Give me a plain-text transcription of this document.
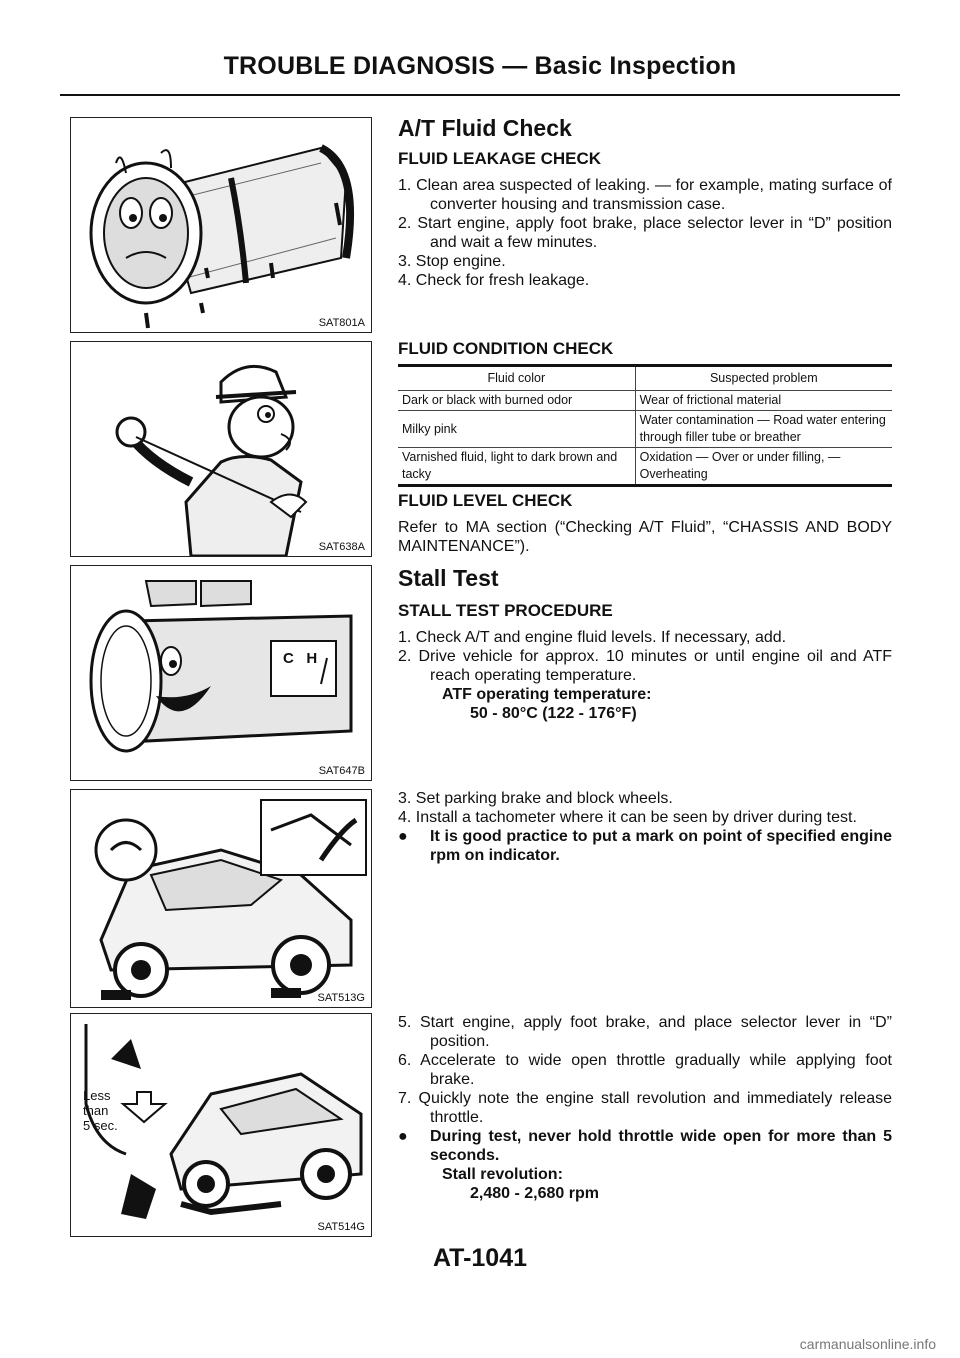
TROUBLE DIAGNOSIS — Basic Inspection
SAT801A
SAT638A
C   H
SAT647B
SAT513G
Less
than
5 sec.
SAT514G
A/T Fluid Check
FLUID LEAKAGE CHECK
1. Clean area suspected of leaking. — for example, mating surface of converter housing and transmission case.
2. Start engine, apply foot brake, place selector lever in “D” position and wait a few minutes.
3. Stop engine.
4. Check for fresh leakage.
FLUID CONDITION CHECK
Fluid color	Suspected problem
Dark or black with burned odor	Wear of frictional material
Milky pink	Water contamination — Road water entering through filler tube or breather
Varnished fluid, light to dark brown and tacky	Oxidation — Over or under filling, — Overheating
FLUID LEVEL CHECK
Refer to MA section (“Checking A/T Fluid”, “CHASSIS AND BODY MAINTENANCE”).
Stall Test
STALL TEST PROCEDURE
1. Check A/T and engine fluid levels. If necessary, add.
2. Drive vehicle for approx. 10 minutes or until engine oil and ATF reach operating temperature.
ATF operating temperature:
50 - 80°C (122 - 176°F)
3. Set parking brake and block wheels.
4. Install a tachometer where it can be seen by driver during test.
● It is good practice to put a mark on point of specified engine rpm on indicator.
5. Start engine, apply foot brake, and place selector lever in “D” position.
6. Accelerate to wide open throttle gradually while applying foot brake.
7. Quickly note the engine stall revolution and immediately release throttle.
● During test, never hold throttle wide open for more than 5 seconds.
Stall revolution:
2,480 - 2,680 rpm
AT-1041
carmanualsonline.info
